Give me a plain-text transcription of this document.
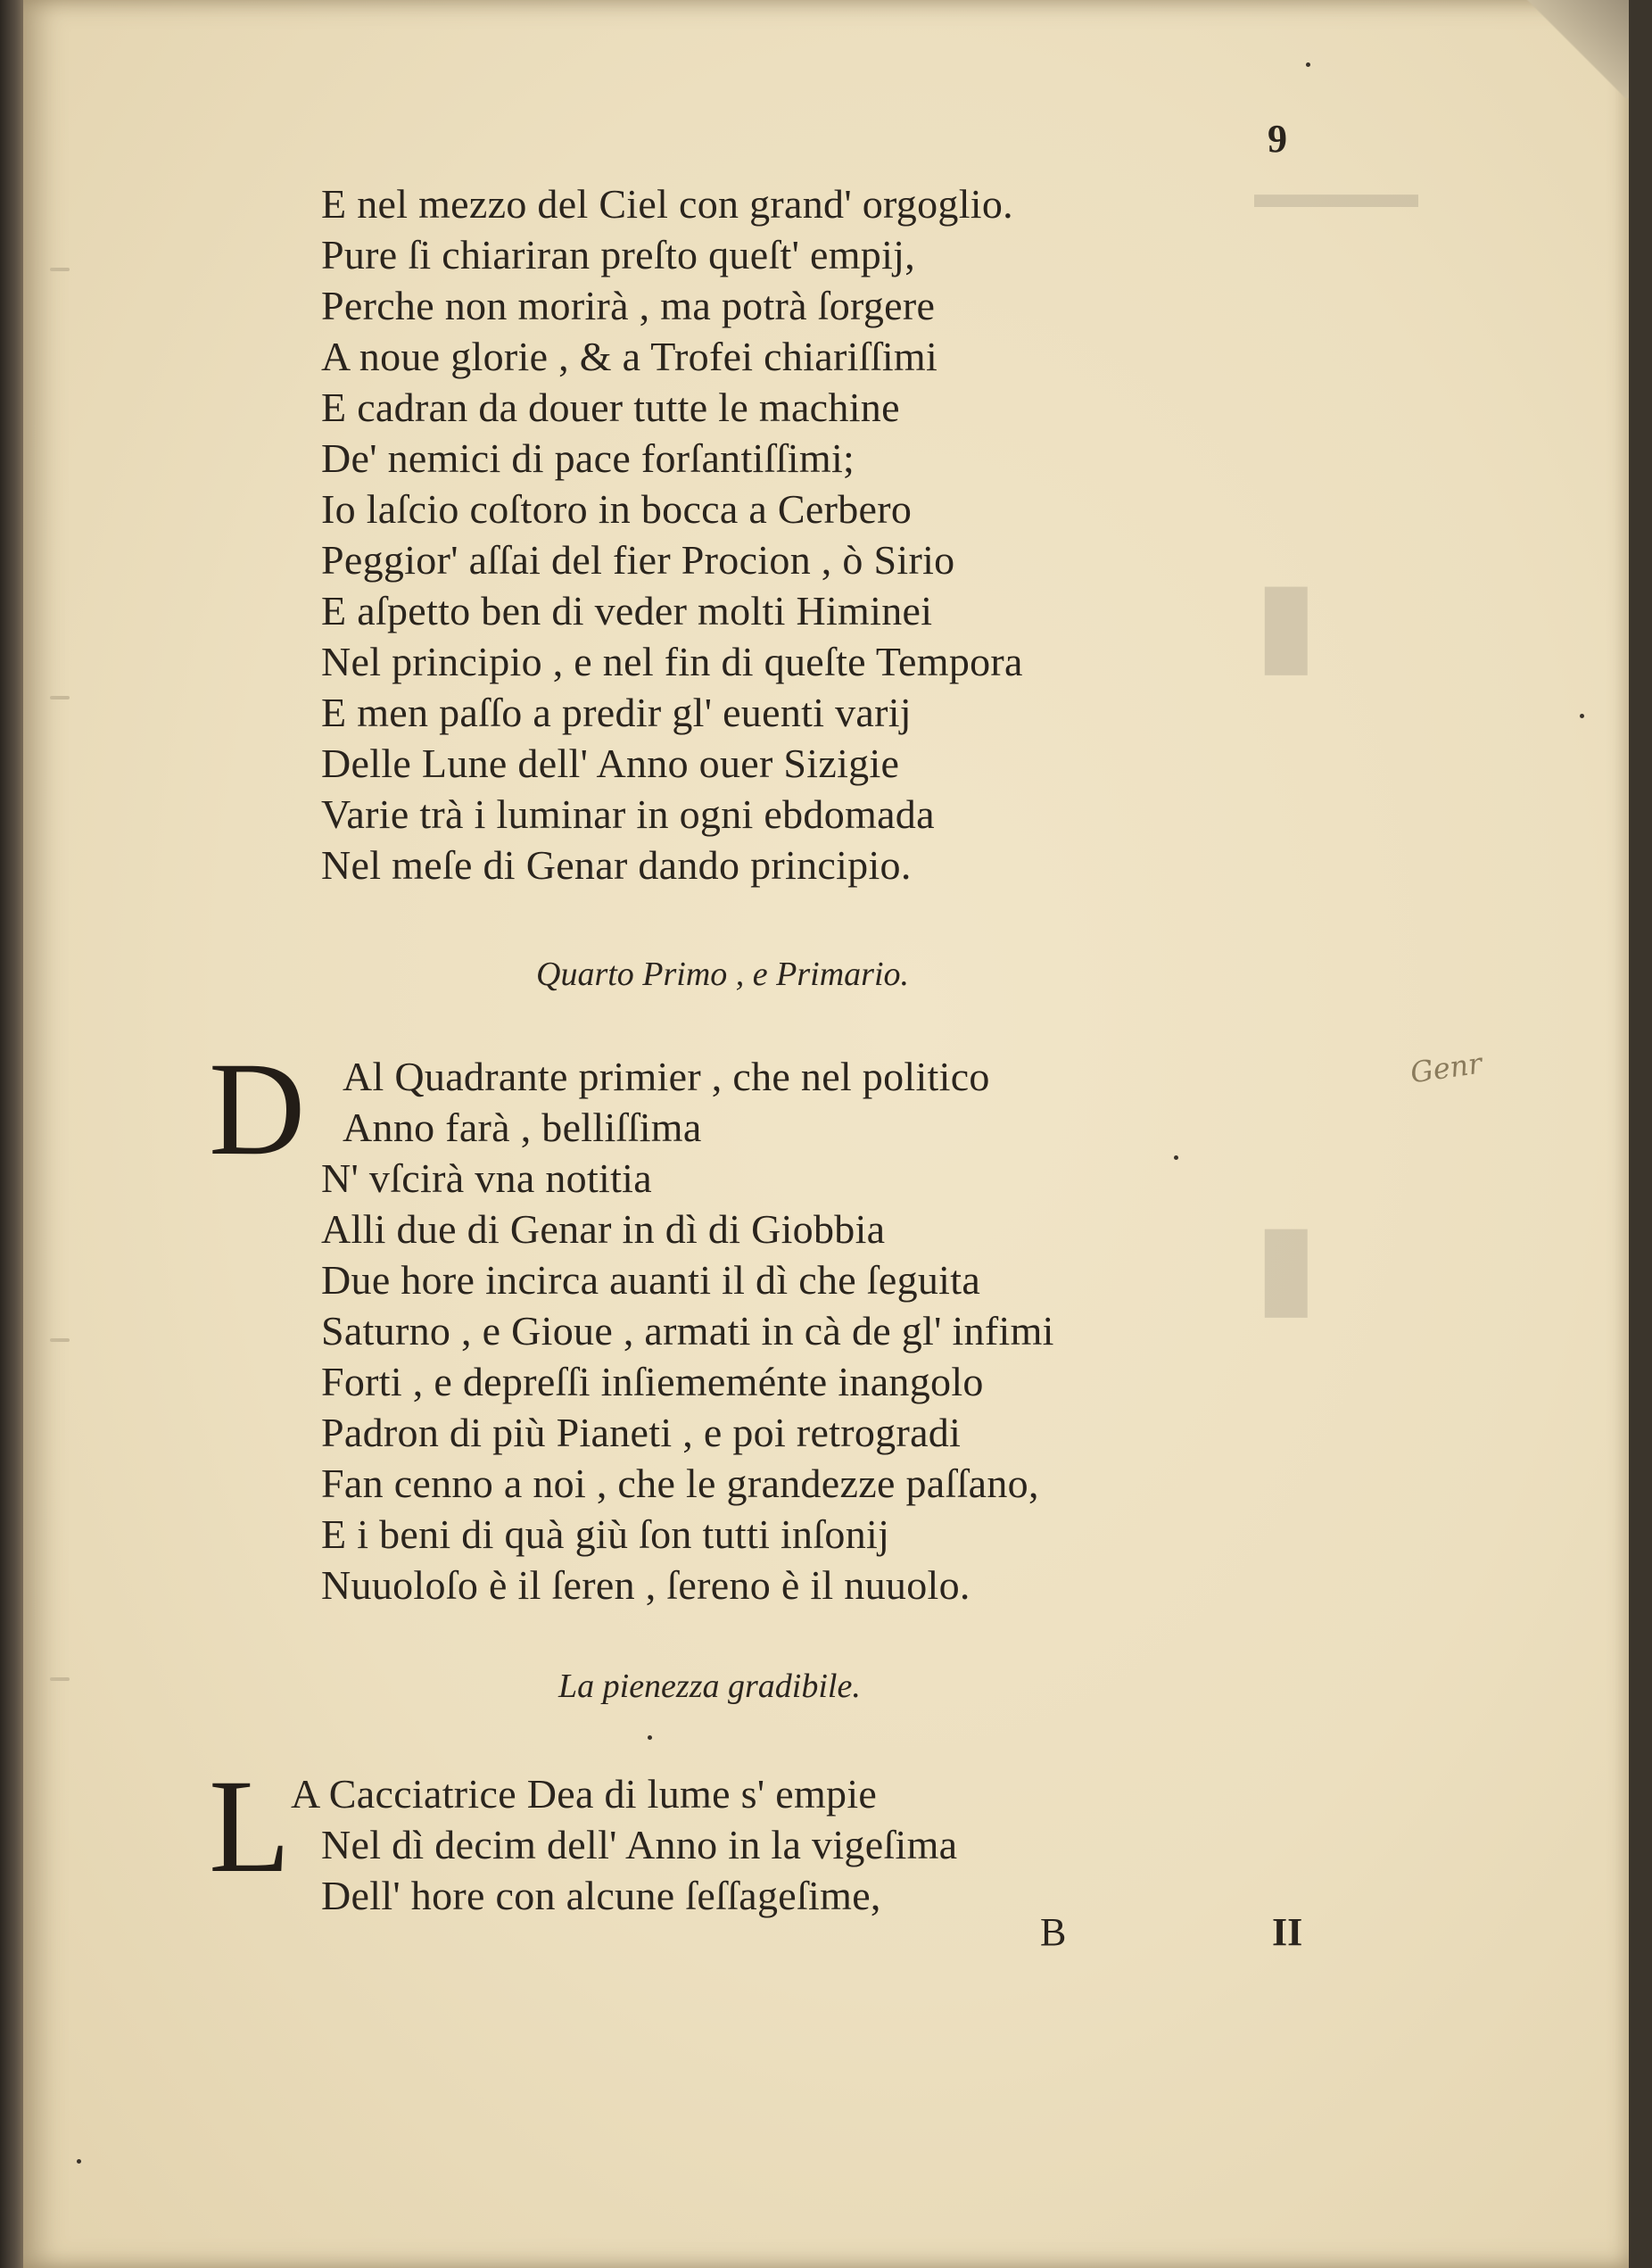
▬▬▬▬
▮
▮
9
E nel mezzo del Ciel con grand' orgoglio.
Pure ſi chiariran preſto queſt' empij,
Perche non morirà , ma potrà ſorgere
A noue glorie , & a Trofei chiariſſimi
E cadran da douer tutte le machine
De' nemici di pace forſantiſſimi;
Io laſcio coſtoro in bocca a Cerbero
Peggior' aſſai del fier Procion , ò Sirio
E aſpetto ben di veder molti Himinei
Nel principio , e nel fin di queſte Tempora
E men paſſo a predir gl' euenti varij
Delle Lune dell' Anno ouer Sizigie
Varie trà i luminar in ogni ebdomada
Nel meſe di Genar dando principio.
Quarto Primo , e Primario.
D Al Quadrante primier , che nel politico
Anno farà , belliſſima
N' vſcirà vna notitia
Alli due di Genar in dì di Giobbia
Due hore incirca auanti il dì che ſeguita
Saturno , e Gioue , armati in cà de gl' infimi
Forti , e depreſſi inſiememénte inangolo
Padron di più Pianeti , e poi retrogradi
Fan cenno a noi , che le grandezze paſſano,
E i beni di quà giù ſon tutti inſonij
Nuuoloſo è il ſeren , ſereno è il nuuolo.
La pienezza gradibile.
L A Cacciatrice Dea di lume s' empie
Nel dì decim dell' Anno in la vigeſima
Dell' hore con alcune ſeſſageſime,
B	II
Genr
